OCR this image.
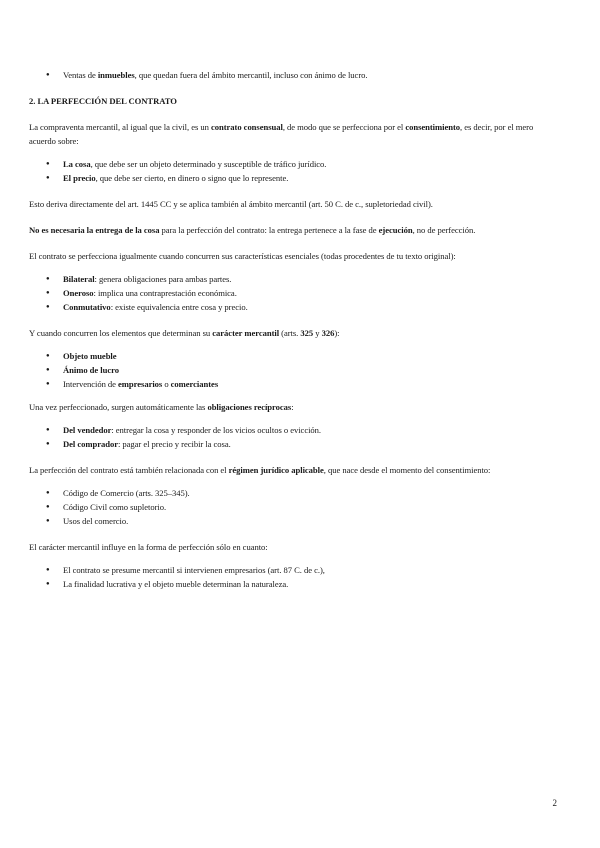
● Ventas de inmuebles, que quedan fuera del ámbito mercantil, incluso con ánimo de lucro.

2. LA PERFECCIÓN DEL CONTRATO

La compraventa mercantil, al igual que la civil, es un contrato consensual, de modo que se perfecciona por el consentimiento, es decir, por el mero acuerdo sobre:

● La cosa, que debe ser un objeto determinado y susceptible de tráfico jurídico.
● El precio, que debe ser cierto, en dinero o signo que lo represente.

Esto deriva directamente del art. 1445 CC y se aplica también al ámbito mercantil (art. 50 C. de c., supletoriedad civil).

No es necesaria la entrega de la cosa para la perfección del contrato: la entrega pertenece a la fase de ejecución, no de perfección.

El contrato se perfecciona igualmente cuando concurren sus características esenciales (todas procedentes de tu texto original):

● Bilateral: genera obligaciones para ambas partes.
● Oneroso: implica una contraprestación económica.
● Conmutativo: existe equivalencia entre cosa y precio.

Y cuando concurren los elementos que determinan su carácter mercantil (arts. 325 y 326):

● Objeto mueble
● Ánimo de lucro
● Intervención de empresarios o comerciantes

Una vez perfeccionado, surgen automáticamente las obligaciones recíprocas:

● Del vendedor: entregar la cosa y responder de los vicios ocultos o evicción.
● Del comprador: pagar el precio y recibir la cosa.

La perfección del contrato está también relacionada con el régimen jurídico aplicable, que nace desde el momento del consentimiento:

● Código de Comercio (arts. 325–345).
● Código Civil como supletorio.
● Usos del comercio.

El carácter mercantil influye en la forma de perfección sólo en cuanto:

● El contrato se presume mercantil si intervienen empresarios (art. 87 C. de c.),
● La finalidad lucrativa y el objeto mueble determinan la naturaleza.
2
